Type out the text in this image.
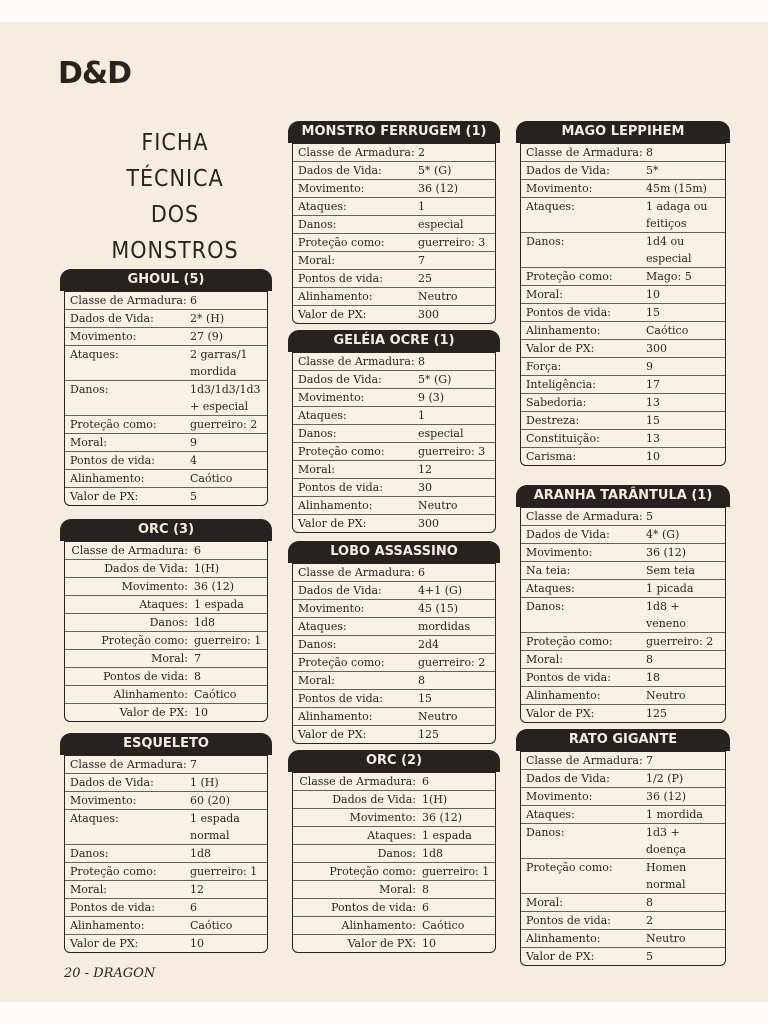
D&D
FICHA
TÉCNICA
DOS
MONSTROS
GHOUL (5)
Classe de Armadura: 6
Dados de Vida:	2* (H)
Movimento:	27 (9)
Ataques:	2 garras/1 mordida
Danos:	1d3/1d3/1d3 + especial
Proteção como:	guerreiro: 2
Moral:	9
Pontos de vida:	4
Alinhamento:	Caótico
Valor de PX:	5
ORC (3)
Classe de Armadura: 6
Dados de Vida: 1(H)
Movimento: 36 (12)
Ataques: 1 espada
Danos: 1d8
Proteção como: guerreiro: 1
Moral: 7
Pontos de vida: 8
Alinhamento: Caótico
Valor de PX: 10
ESQUELETO
Classe de Armadura: 7
Dados de Vida:	1 (H)
Movimento:	60 (20)
Ataques:	1 espada normal
Danos:	1d8
Proteção como:	guerreiro: 1
Moral:	12
Pontos de vida:	6
Alinhamento:	Caótico
Valor de PX:	10
MONSTRO FERRUGEM (1)
Classe de Armadura: 2
Dados de Vida:	5* (G)
Movimento:	36 (12)
Ataques:	1
Danos:	especial
Proteção como:	guerreiro: 3
Moral:	7
Pontos de vida:	25
Alinhamento:	Neutro
Valor de PX:	300
GELÉIA OCRE (1)
Classe de Armadura: 8
Dados de Vida:	5* (G)
Movimento:	9 (3)
Ataques:	1
Danos:	especial
Proteção como:	guerreiro: 3
Moral:	12
Pontos de vida:	30
Alinhamento:	Neutro
Valor de PX:	300
LOBO ASSASSINO
Classe de Armadura: 6
Dados de Vida:	4+1 (G)
Movimento:	45 (15)
Ataques:	mordidas
Danos:	2d4
Proteção como:	guerreiro: 2
Moral:	8
Pontos de vida:	15
Alinhamento:	Neutro
Valor de PX:	125
ORC (2)
Classe de Armadura: 6
Dados de Vida: 1(H)
Movimento: 36 (12)
Ataques: 1 espada
Danos: 1d8
Proteção como: guerreiro: 1
Moral: 8
Pontos de vida: 6
Alinhamento: Caótico
Valor de PX: 10
MAGO LEPPIHEM
Classe de Armadura: 8
Dados de Vida:	5*
Movimento:	45m (15m)
Ataques:	1 adaga ou feitiços
Danos:	1d4 ou especial
Proteção como:	Mago: 5
Moral:	10
Pontos de vida:	15
Alinhamento:	Caótico
Valor de PX:	300
Força:	9
Inteligência:	17
Sabedoria:	13
Destreza:	15
Constituição:	13
Carisma:	10
ARANHA TARÂNTULA (1)
Classe de Armadura: 5
Dados de Vida:	4* (G)
Movimento:	36 (12)
Na teia:	Sem teia
Ataques:	1 picada
Danos:	1d8 + veneno
Proteção como:	guerreiro: 2
Moral:	8
Pontos de vida:	18
Alinhamento:	Neutro
Valor de PX:	125
RATO GIGANTE
Classe de Armadura: 7
Dados de Vida:	1/2 (P)
Movimento:	36 (12)
Ataques:	1 mordida
Danos:	1d3 + doença
Proteção como:	Homen normal
Moral:	8
Pontos de vida:	2
Alinhamento:	Neutro
Valor de PX:	5
20 - DRAGON
